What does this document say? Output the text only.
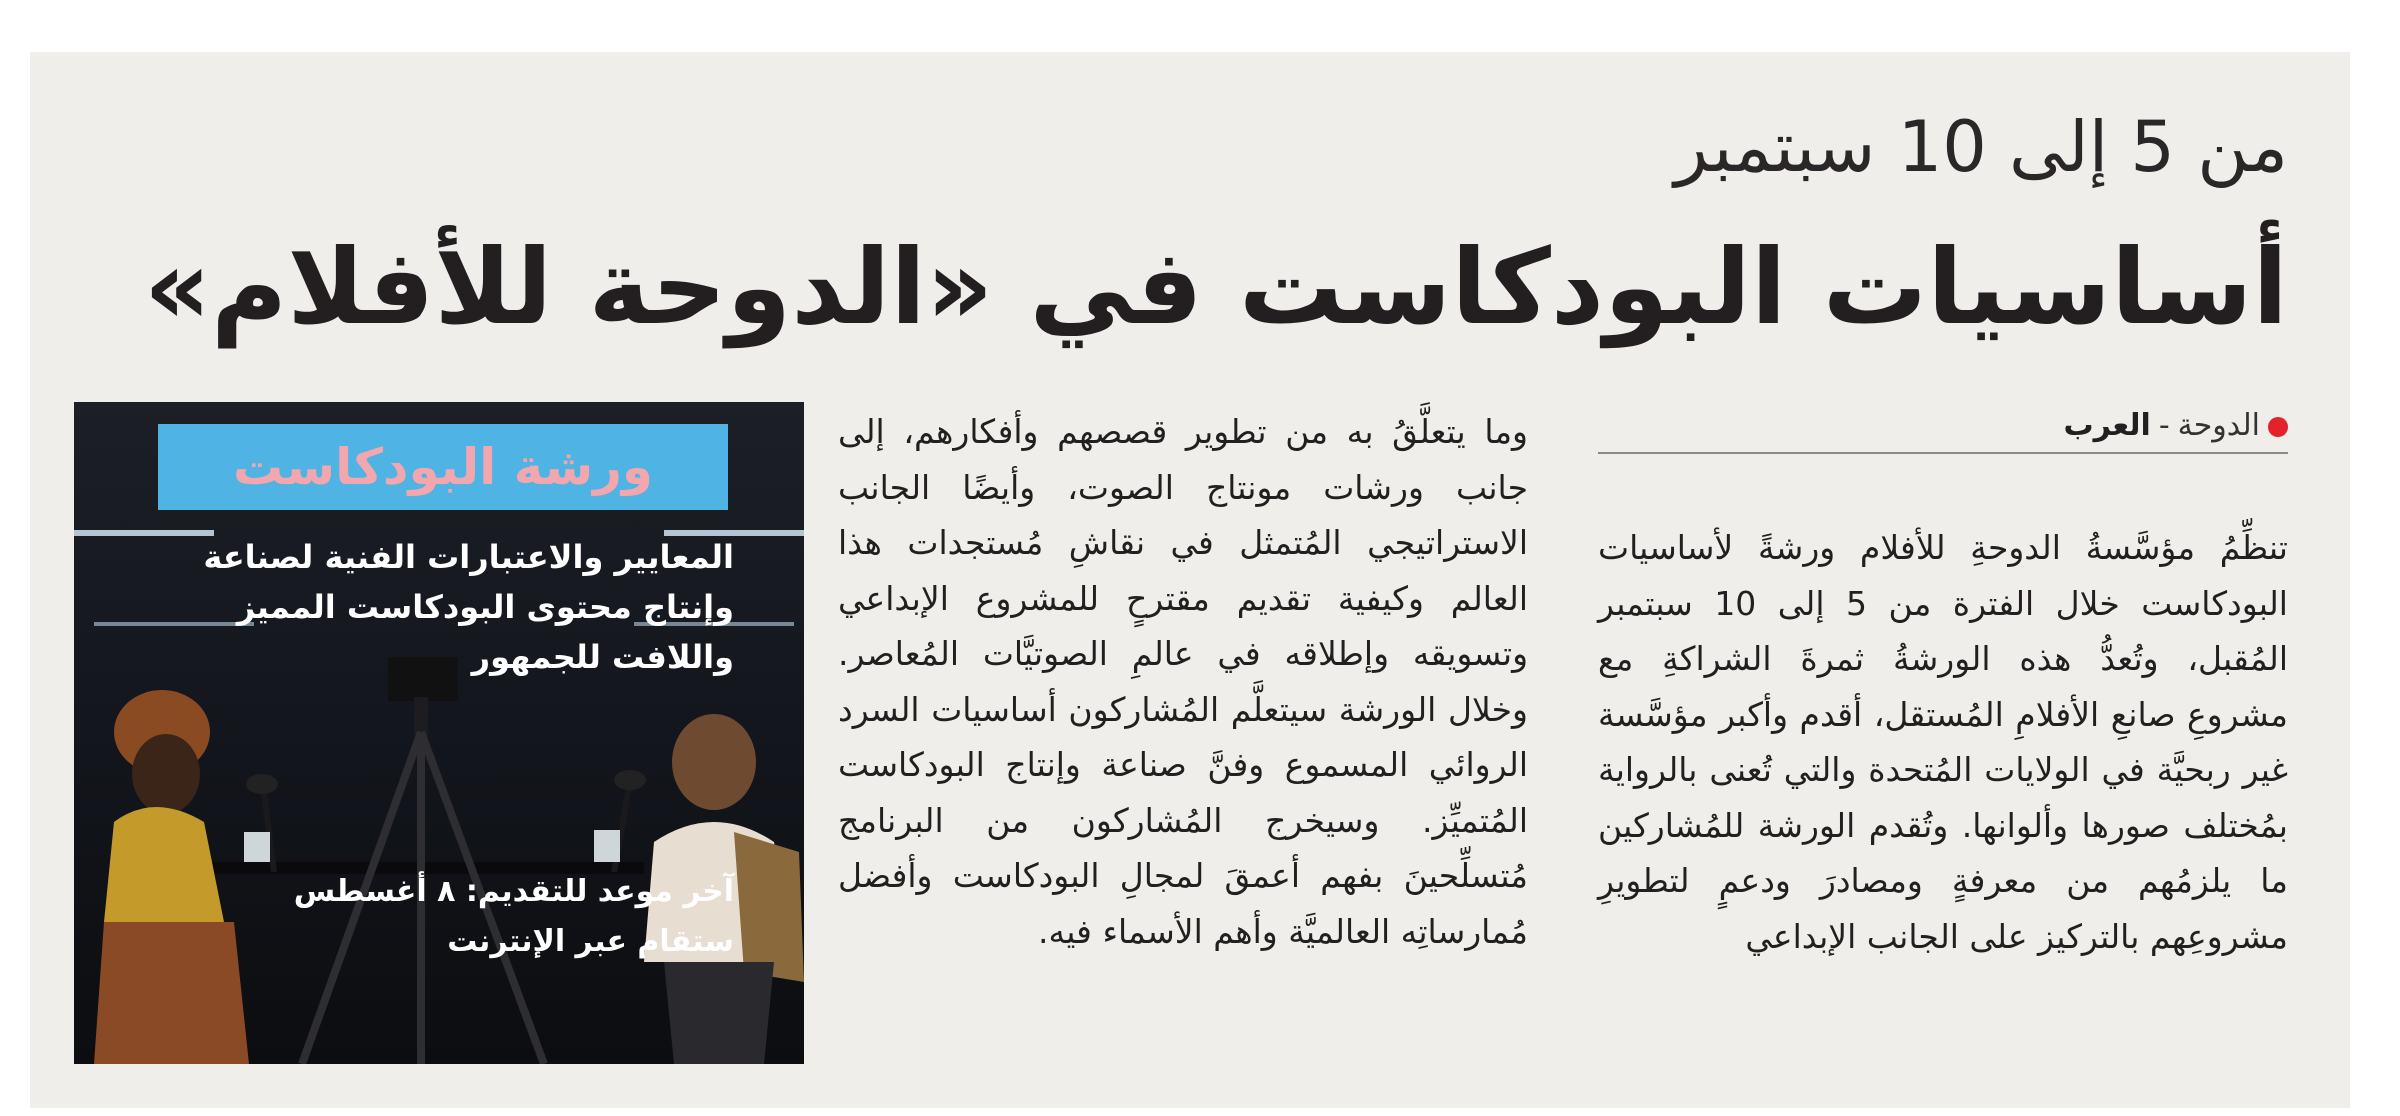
من 5 إلى 10 سبتمبر
أساسيات البودكاست في «الدوحة للأفلام»
الدوحة-العرب

تنظِّمُ مؤسَّسةُ الدوحةِ للأفلام ورشةً لأساسيات البودكاست خلال الفترة من 5 إلى 10 سبتمبر المُقبل، وتُعدُّ هذه الورشةُ ثمرةَ الشراكةِ مع مشروعِ صانعِ الأفلامِ المُستقل، أقدم وأكبر مؤسَّسة غير ربحيَّة في الولايات المُتحدة والتي تُعنى بالرواية بمُختلف صورها وألوانها. وتُقدم الورشة للمُشاركين ما يلزمُهم من معرفةٍ ومصادرَ ودعمٍ لتطويرِ مشروعِهم بالتركيز على الجانب الإبداعي

وما يتعلَّقُ به من تطوير قصصهم وأفكارهم، إلى جانب ورشات مونتاج الصوت، وأيضًا الجانب الاستراتيجي المُتمثل في نقاشِ مُستجدات هذا العالم وكيفية تقديم مقترحٍ للمشروع الإبداعي وتسويقه وإطلاقه في عالمِ الصوتيَّات المُعاصر. وخلال الورشة سيتعلَّم المُشاركون أساسيات السرد الروائي المسموع وفنَّ صناعة وإنتاج البودكاست المُتميِّز. وسيخرج المُشاركون من البرنامج مُتسلِّحينَ بفهم أعمقَ لمجالِ البودكاست وأفضل مُمارساتِه العالميَّة وأهم الأسماء فيه.

ورشة البودكاست
المعايير والاعتبارات الفنية لصناعة
وإنتاج محتوى البودكاست المميز
واللافت للجمهور
آخر موعد للتقديم: ٨ أغسطس
ستقام عبر الإنترنت
